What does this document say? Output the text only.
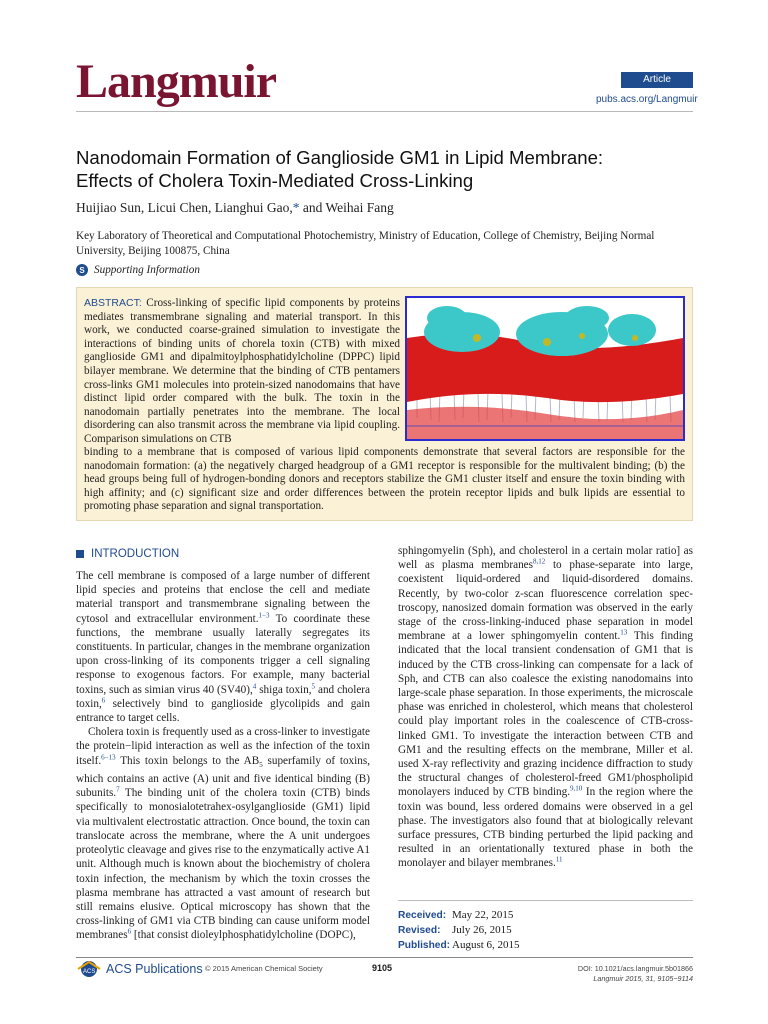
Langmuir	Article
pubs.acs.org/Langmuir
Nanodomain Formation of Ganglioside GM1 in Lipid Membrane:
Effects of Cholera Toxin-Mediated Cross-Linking
Huijiao Sun, Licui Chen, Lianghui Gao,* and Weihai Fang
Key Laboratory of Theoretical and Computational Photochemistry, Ministry of Education, College of Chemistry, Beijing Normal University, Beijing 100875, China
S Supporting Information
ABSTRACT: Cross-linking of specific lipid components by proteins mediates transmembrane signaling and material transport. In this work, we conducted coarse-grained simulation to investigate the interactions of binding units of chorela toxin (CTB) with mixed ganglioside GM1 and dipalmitoylphosphatidylcholine (DPPC) lipid bilayer membrane. We determine that the binding of CTB pentamers cross-links GM1 molecules into protein-sized nanodomains that have distinct lipid order compared with the bulk. The toxin in the nanodomain partially penetrates into the membrane. The local disordering can also transmit across the membrane via lipid coupling. Comparison simulations on CTB
binding to a membrane that is composed of various lipid components demonstrate that several factors are responsible for the nanodomain formation: (a) the negatively charged headgroup of a GM1 receptor is responsible for the multivalent binding; (b) the head groups being full of hydrogen-bonding donors and receptors stabilize the GM1 cluster itself and ensure the toxin binding with high affinity; and (c) significant size and order differences between the protein receptor lipids and bulk lipids are essential to promoting phase separation and signal transportation.
INTRODUCTION

The cell membrane is composed of a large number of different lipid species and proteins that enclose the cell and mediate material transport and transmembrane signaling between the cytosol and extracellular environment.$^{1-3}$ To coordinate these functions, the membrane usually laterally segregates its constituents. In particular, changes in the membrane organization upon cross-linking of its components trigger a cell signaling response to exogenous factors. For example, many bacterial toxins, such as simian virus 40 (SV40),$^4$ shiga toxin,$^5$ and cholera toxin,$^6$ selectively bind to ganglioside glycolipids and gain entrance to target cells.

Cholera toxin is frequently used as a cross-linker to investigate the protein−lipid interaction as well as the infection of the toxin itself.$^{6-13}$ This toxin belongs to the $AB_5$ superfamily of toxins, which contains an active (A) unit and five identical binding (B) subunits.$^7$ The binding unit of the cholera toxin (CTB) binds specifically to monosialotetrahex-osylganglioside (GM1) lipid via multivalent electrostatic attraction. Once bound, the toxin can translocate across the membrane, where the A unit undergoes proteolytic cleavage and gives rise to the enzymatically active A1 unit. Although much is known about the biochemistry of cholera toxin infection, the mechanism by which the toxin crosses the plasma membrane has attracted a vast amount of research but still remains elusive. Optical microscopy has shown that the cross-linking of GM1 via CTB binding can cause uniform model membranes$^6$ [that consist dioleylphosphatidylcholine (DOPC),

sphingomyelin (Sph), and cholesterol in a certain molar ratio] as well as plasma membranes$^{8,12}$ to phase-separate into large, coexistent liquid-ordered and liquid-disordered domains. Recently, by two-color z-scan fluorescence correlation spec-troscopy, nanosized domain formation was observed in the early stage of the cross-linking-induced phase separation in model membrane at a lower sphingomyelin content.$^{13}$ This finding indicated that the local transient condensation of GM1 that is induced by the CTB cross-linking can compensate for a lack of Sph, and CTB can also coalesce the existing nanodomains into large-scale phase separation. In those experiments, the microscale phase was enriched in cholesterol, which means that cholesterol could play important roles in the coalescence of CTB-cross-linked GM1. To investigate the interaction between CTB and GM1 and the resulting effects on the membrane, Miller et al. used X-ray reflectivity and grazing incidence diffraction to study the structural changes of cholesterol-freed GM1/phospholipid monolayers induced by CTB binding.$^{9,10}$ In the region where the toxin was bound, less ordered domains were observed in a gel phase. The investigators also found that at biologically relevant surface pressures, CTB binding perturbed the lipid packing and resulted in an orientationally textured phase in both the monolayer and bilayer membranes.$^{11}$

Received: May 22, 2015
Revised: July 26, 2015
Published: August 6, 2015
ACS ACS Publications © 2015 American Chemical Society	9105	DOI: 10.1021/acs.langmuir.5b01866
Langmuir 2015, 31, 9105−9114
